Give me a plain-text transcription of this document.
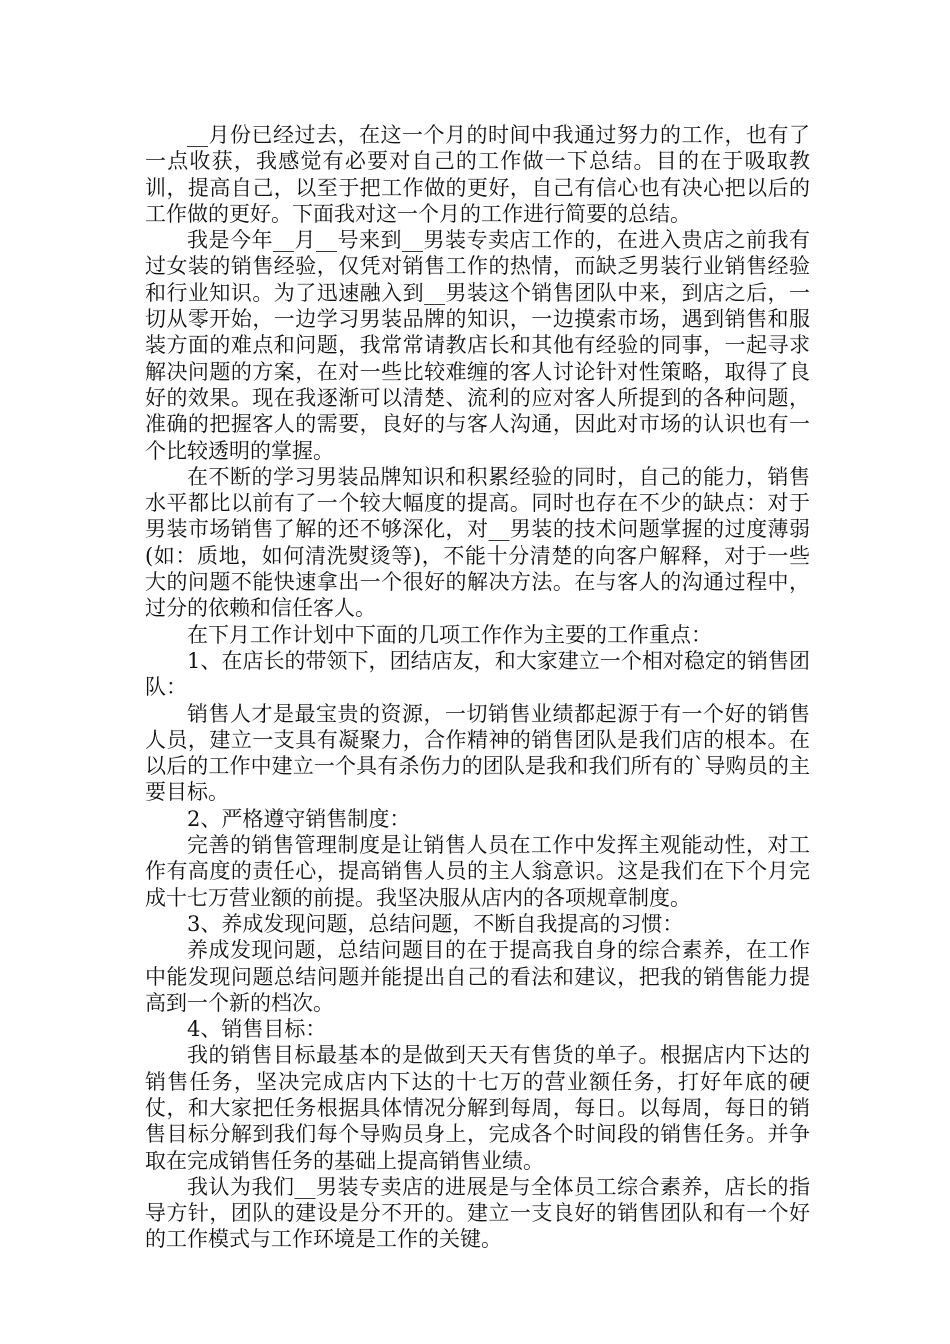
__月份已经过去，在这一个月的时间中我通过努力的工作，也有了一点收获，我感觉有必要对自己的工作做一下总结。目的在于吸取教训，提高自己，以至于把工作做的更好，自己有信心也有决心把以后的工作做的更好。下面我对这一个月的工作进行简要的总结。

我是今年__月__号来到__男装专卖店工作的，在进入贵店之前我有过女装的销售经验，仅凭对销售工作的热情，而缺乏男装行业销售经验和行业知识。为了迅速融入到__男装这个销售团队中来，到店之后，一切从零开始，一边学习男装品牌的知识，一边摸索市场，遇到销售和服装方面的难点和问题，我常常请教店长和其他有经验的同事，一起寻求解决问题的方案，在对一些比较难缠的客人讨论针对性策略，取得了良好的效果。现在我逐渐可以清楚、流利的应对客人所提到的各种问题，准确的把握客人的需要，良好的与客人沟通，因此对市场的认识也有一个比较透明的掌握。

在不断的学习男装品牌知识和积累经验的同时，自己的能力，销售水平都比以前有了一个较大幅度的提高。同时也存在不少的缺点：对于男装市场销售了解的还不够深化，对__男装的技术问题掌握的过度薄弱(如：质地，如何清洗熨烫等)，不能十分清楚的向客户解释，对于一些大的问题不能快速拿出一个很好的解决方法。在与客人的沟通过程中，过分的依赖和信任客人。

在下月工作计划中下面的几项工作作为主要的工作重点：

1、在店长的带领下，团结店友，和大家建立一个相对稳定的销售团队：

销售人才是最宝贵的资源，一切销售业绩都起源于有一个好的销售人员，建立一支具有凝聚力，合作精神的销售团队是我们店的根本。在以后的工作中建立一个具有杀伤力的团队是我和我们所有的`导购员的主要目标。

2、严格遵守销售制度：

完善的销售管理制度是让销售人员在工作中发挥主观能动性，对工作有高度的责任心，提高销售人员的主人翁意识。这是我们在下个月完成十七万营业额的前提。我坚决服从店内的各项规章制度。

3、养成发现问题，总结问题，不断自我提高的习惯：

养成发现问题，总结问题目的在于提高我自身的综合素养，在工作中能发现问题总结问题并能提出自己的看法和建议，把我的销售能力提高到一个新的档次。

4、销售目标：

我的销售目标最基本的是做到天天有售货的单子。根据店内下达的销售任务，坚决完成店内下达的十七万的营业额任务，打好年底的硬仗，和大家把任务根据具体情况分解到每周，每日。以每周，每日的销售目标分解到我们每个导购员身上，完成各个时间段的销售任务。并争取在完成销售任务的基础上提高销售业绩。

我认为我们__男装专卖店的进展是与全体员工综合素养，店长的指导方针，团队的建设是分不开的。建立一支良好的销售团队和有一个好的工作模式与工作环境是工作的关键。
